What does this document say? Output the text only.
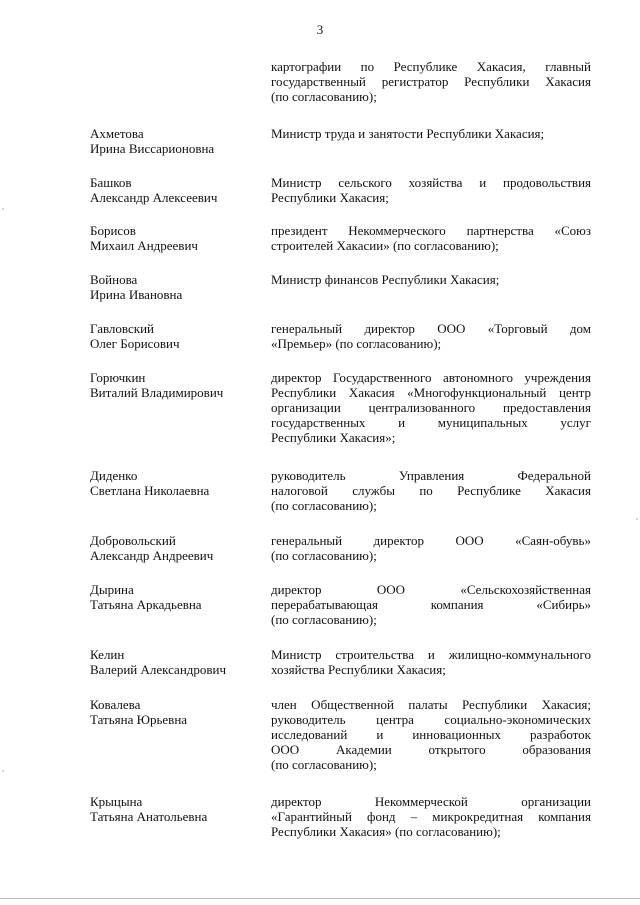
3
картографии по Республике Хакасия, главный
государственный регистратор Республики Хакасия
(по согласованию);
Ахметова
Ирина Виссарионовна
Министр труда и занятости Республики Хакасия;
Башков
Александр Алексеевич
Министр сельского хозяйства и продовольствия
Республики Хакасия;
Борисов
Михаил Андреевич
президент Некоммерческого партнерства «Союз
строителей Хакасии» (по согласованию);
Войнова
Ирина Ивановна
Министр финансов Республики Хакасия;
Гавловский
Олег Борисович
генеральный директор ООО «Торговый дом
«Премьер» (по согласованию);
Горючкин
Виталий Владимирович
директор Государственного автономного учреждения
Республики Хакасия «Многофункциональный центр
организации централизованного предоставления
государственных и муниципальных услуг
Республики Хакасия»;
Диденко
Светлана Николаевна
руководитель Управления Федеральной
налоговой службы по Республике Хакасия
(по согласованию);
Добровольский
Александр Андреевич
генеральный директор ООО «Саян-обувь»
(по согласованию);
Дырина
Татьяна Аркадьевна
директор ООО «Сельскохозяйственная
перерабатывающая компания «Сибирь»
(по согласованию);
Келин
Валерий Александрович
Министр строительства и жилищно-коммунального
хозяйства Республики Хакасия;
Ковалева
Татьяна Юрьевна
член Общественной палаты Республики Хакасия;
руководитель центра социально-экономических
исследований и инновационных разработок
ООО Академии открытого образования
(по согласованию);
Крыцына
Татьяна Анатольевна
директор Некоммерческой организации
«Гарантийный фонд – микрокредитная компания
Республики Хакасия» (по согласованию);
